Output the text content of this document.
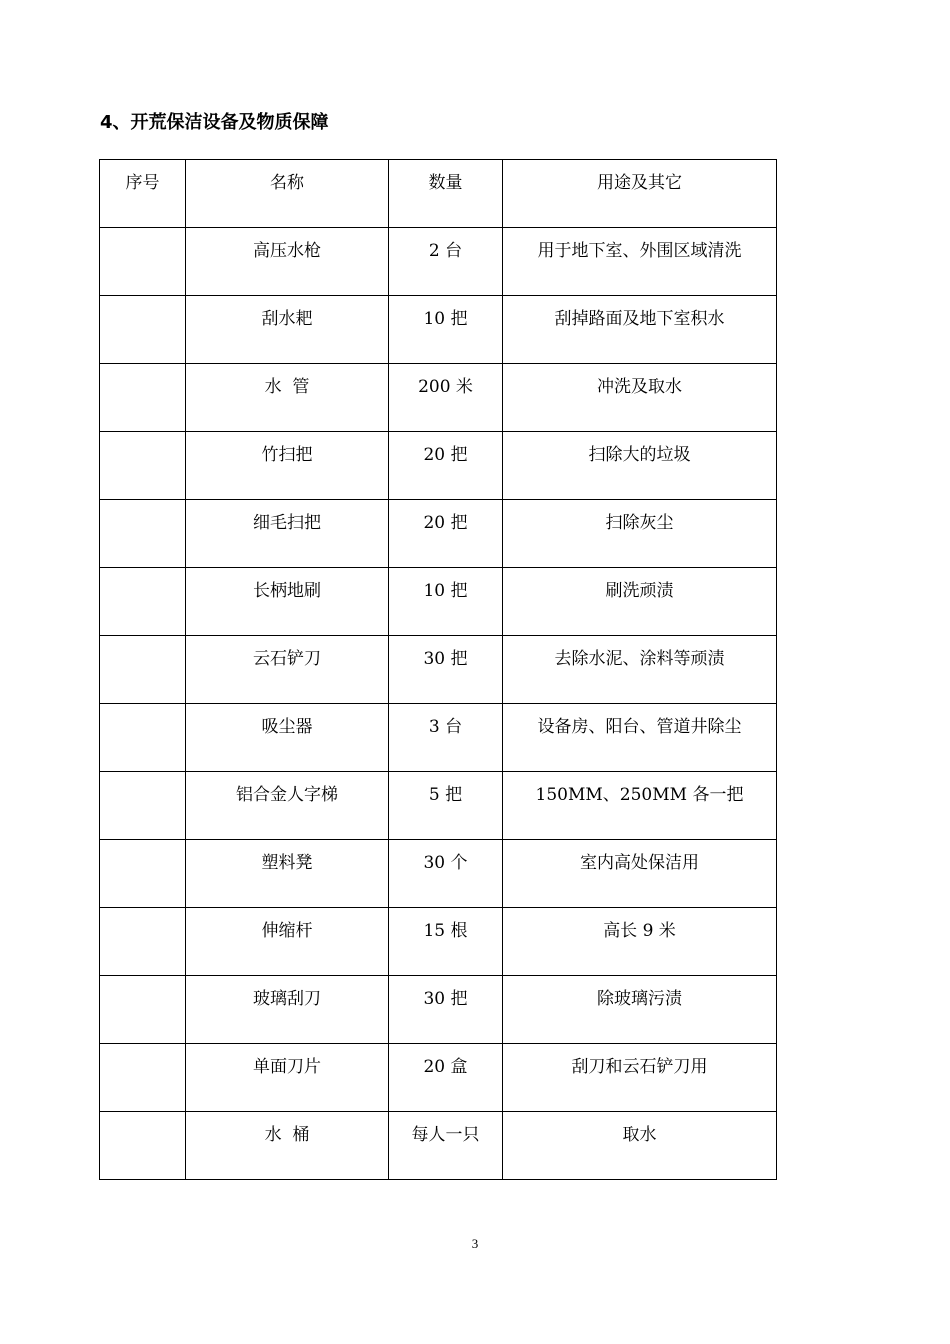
4、开荒保洁设备及物质保障
序号	名称	数量	用途及其它
	高压水枪	2 台	用于地下室、外围区域清洗
	刮水耙	10 把	刮掉路面及地下室积水
	水  管	200 米	冲洗及取水
	竹扫把	20 把	扫除大的垃圾
	细毛扫把	20 把	扫除灰尘
	长柄地刷	10 把	刷洗顽渍
	云石铲刀	30 把	去除水泥、涂料等顽渍
	吸尘器	3 台	设备房、阳台、管道井除尘
	铝合金人字梯	5 把	150MM、250MM 各一把
	塑料凳	30 个	室内高处保洁用
	伸缩杆	15 根	高长 9 米
	玻璃刮刀	30 把	除玻璃污渍
	单面刀片	20 盒	刮刀和云石铲刀用
	水  桶	每人一只	取水
3
